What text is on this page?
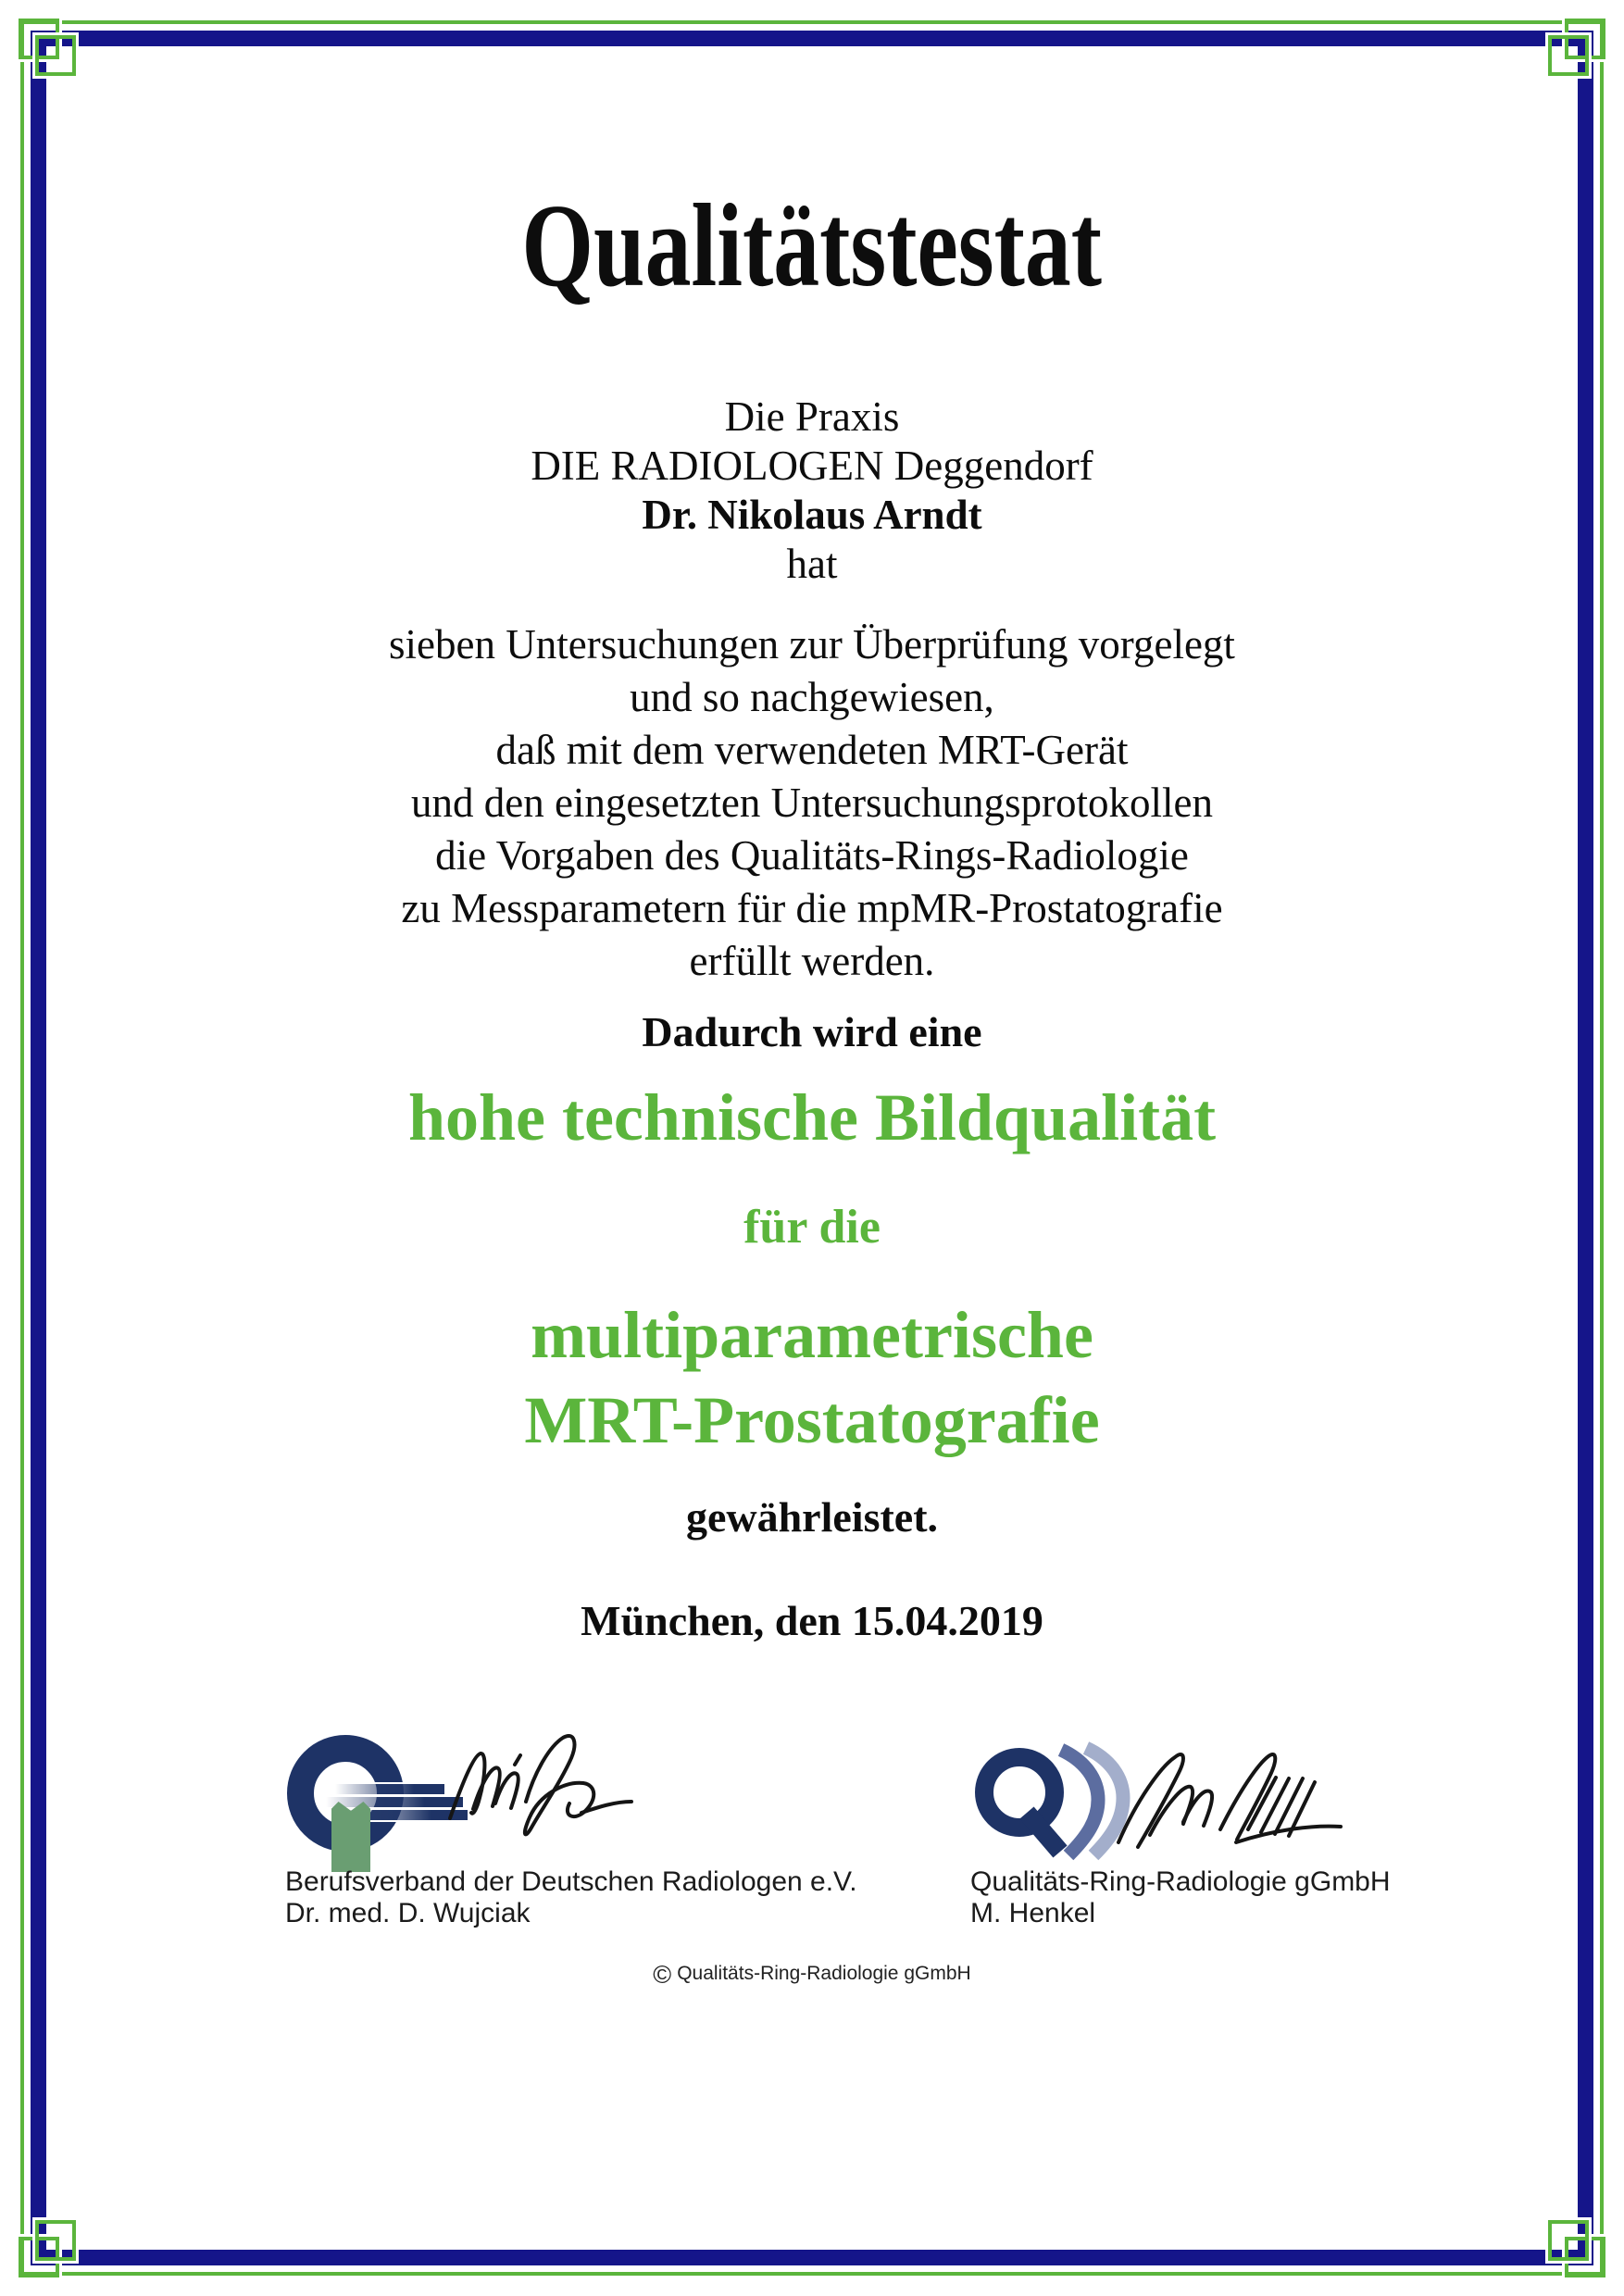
Qualitätstestat
Die Praxis
DIE RADIOLOGEN Deggendorf
Dr. Nikolaus Arndt
hat
sieben Untersuchungen zur Überprüfung vorgelegt
und so nachgewiesen,
daß mit dem verwendeten MRT-Gerät
und den eingesetzten Untersuchungsprotokollen
die Vorgaben des Qualitäts-Rings-Radiologie
zu Messparametern für die mpMR-Prostatografie
erfüllt werden.
Dadurch wird eine
hohe technische Bildqualität
für die
multiparametrische
MRT-Prostatografie
gewährleistet.
München, den 15.04.2019
Berufsverband der Deutschen Radiologen e.V.
Dr. med. D. Wujciak
Qualitäts-Ring-Radiologie gGmbH
M. Henkel
© Qualitäts-Ring-Radiologie gGmbH
